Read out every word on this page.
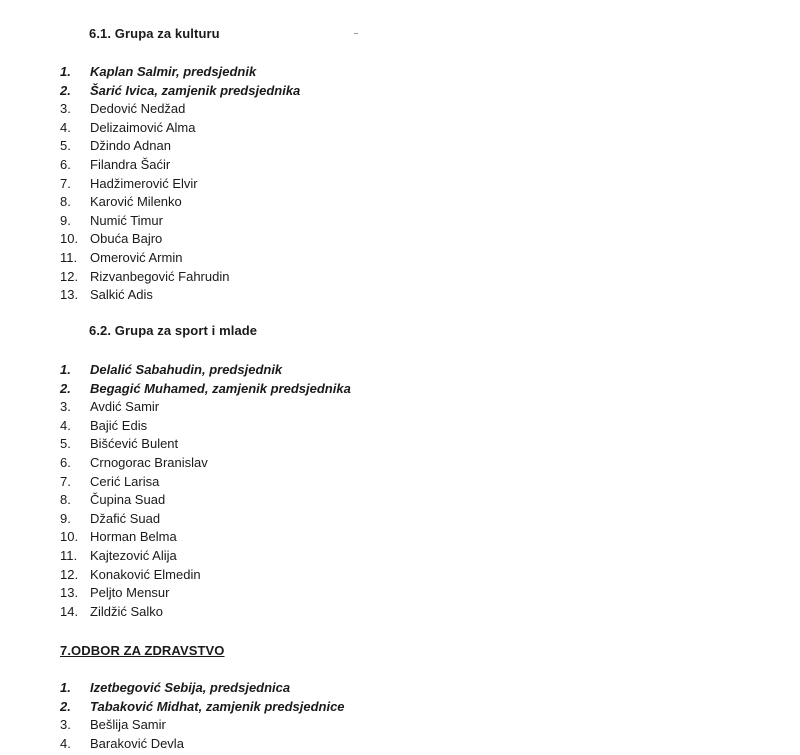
6.1. Grupa za kulturu
1. Kaplan Salmir, predsjednik
2. Šarić Ivica, zamjenik predsjednika
3. Dedović Nedžad
4. Delizaimović Alma
5. Džindo Adnan
6. Filandra Šaćir
7. Hadžimerović Elvir
8. Karović Milenko
9. Numić Timur
10. Obuća Bajro
11. Omerović Armin
12. Rizvanbegović Fahrudin
13. Salkić Adis
6.2. Grupa za sport i mlade
1. Delalić Sabahudin, predsjednik
2. Begagić Muhamed, zamjenik predsjednika
3. Avdić Samir
4. Bajić Edis
5. Bišćević Bulent
6. Crnogorac Branislav
7. Cerić Larisa
8. Čupina Suad
9. Džafić Suad
10. Horman Belma
11. Kajtezović Alija
12. Konaković Elmedin
13. Peljto Mensur
14. Zildžić Salko
7.ODBOR ZA ZDRAVSTVO
1. Izetbegović Sebija, predsjednica
2. Tabaković Midhat, zamjenik predsjednice
3. Bešlija Samir
4. Baraković Devla
